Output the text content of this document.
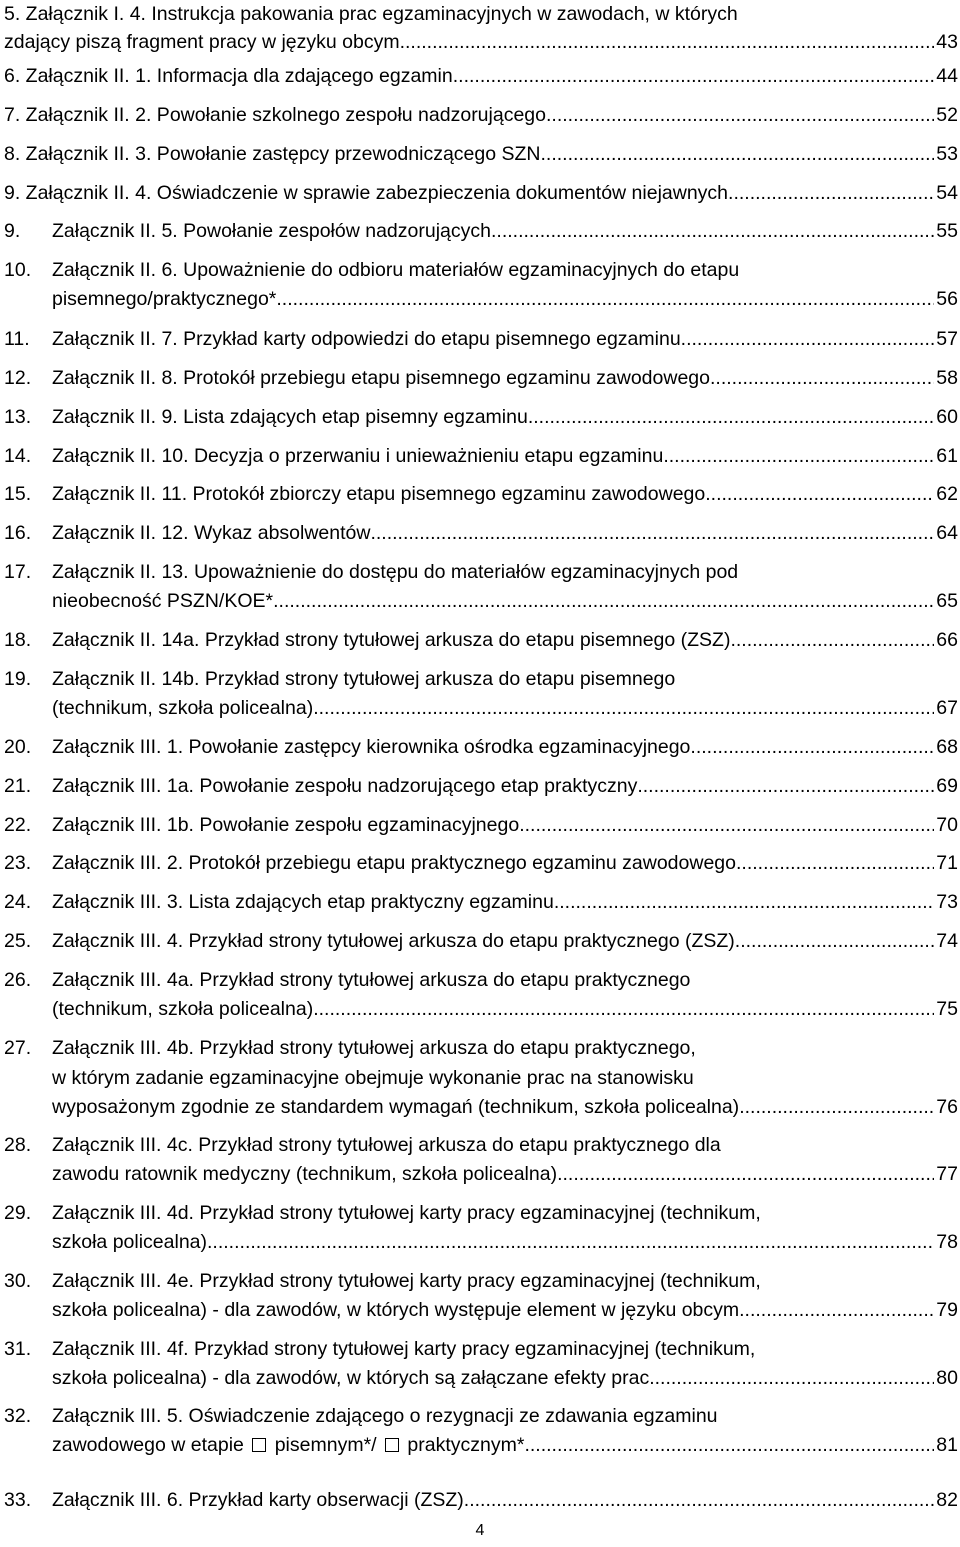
5. Załącznik I. 4. Instrukcja pakowania prac egzaminacyjnych w zawodach, w których
zdający piszą fragment pracy w języku obcym .....	43
6. Załącznik II. 1. Informacja dla zdającego egzamin .....	44
7. Załącznik II. 2. Powołanie szkolnego zespołu nadzorującego .....	52
8. Załącznik II. 3. Powołanie zastępcy przewodniczącego SZN .....	53
9. Załącznik II. 4. Oświadczenie w sprawie zabezpieczenia dokumentów niejawnych .....	54
9. Załącznik II. 5. Powołanie zespołów nadzorujących .....	55
10. Załącznik II. 6. Upoważnienie do odbioru materiałów egzaminacyjnych do etapu
pisemnego/praktycznego* .....	56
11. Załącznik II. 7. Przykład karty odpowiedzi do etapu pisemnego egzaminu .....	57
12. Załącznik II. 8. Protokół przebiegu etapu pisemnego egzaminu zawodowego .....	58
13. Załącznik II. 9. Lista zdających etap pisemny egzaminu .....	60
14. Załącznik II. 10. Decyzja o przerwaniu i unieważnieniu etapu egzaminu .....	61
15. Załącznik II. 11. Protokół zbiorczy etapu pisemnego egzaminu zawodowego .....	62
16. Załącznik II. 12. Wykaz absolwentów .....	64
17. Załącznik II. 13. Upoważnienie do dostępu do materiałów egzaminacyjnych pod
nieobecność PSZN/KOE* .....	65
18. Załącznik II. 14a. Przykład strony tytułowej arkusza do etapu pisemnego (ZSZ) .....	66
19. Załącznik II. 14b. Przykład strony tytułowej arkusza do etapu pisemnego
(technikum, szkoła policealna) .....	67
20. Załącznik III. 1. Powołanie zastępcy kierownika ośrodka egzaminacyjnego .....	68
21. Załącznik III. 1a. Powołanie zespołu nadzorującego etap praktyczny .....	69
22. Załącznik III. 1b. Powołanie zespołu egzaminacyjnego .....	70
23. Załącznik III. 2. Protokół przebiegu etapu praktycznego egzaminu zawodowego .....	71
24. Załącznik III. 3. Lista zdających etap praktyczny egzaminu .....	73
25. Załącznik III. 4. Przykład strony tytułowej arkusza do etapu praktycznego (ZSZ) .....	74
26. Załącznik III. 4a. Przykład strony tytułowej arkusza do etapu praktycznego
(technikum, szkoła policealna) .....	75
27. Załącznik III. 4b. Przykład strony tytułowej arkusza do etapu praktycznego,
w którym zadanie egzaminacyjne obejmuje wykonanie prac na stanowisku
wyposażonym zgodnie ze standardem wymagań (technikum, szkoła policealna) .....	76
28. Załącznik III. 4c. Przykład strony tytułowej arkusza do etapu praktycznego dla
zawodu ratownik medyczny (technikum, szkoła policealna) .....	77
29. Załącznik III. 4d. Przykład strony tytułowej karty pracy egzaminacyjnej (technikum,
szkoła policealna) .....	78
30. Załącznik III. 4e. Przykład strony tytułowej karty pracy egzaminacyjnej (technikum,
szkoła policealna) - dla zawodów, w których występuje element w języku obcym .....	79
31. Załącznik III. 4f. Przykład strony tytułowej karty pracy egzaminacyjnej (technikum,
szkoła policealna) - dla zawodów, w których są załączane efekty prac .....	80
32. Załącznik III. 5. Oświadczenie zdającego o rezygnacji ze zdawania egzaminu
zawodowego w etapie  pisemnym*/  praktycznym* .....	81
33. Załącznik III. 6. Przykład karty obserwacji (ZSZ) .....	82
4
